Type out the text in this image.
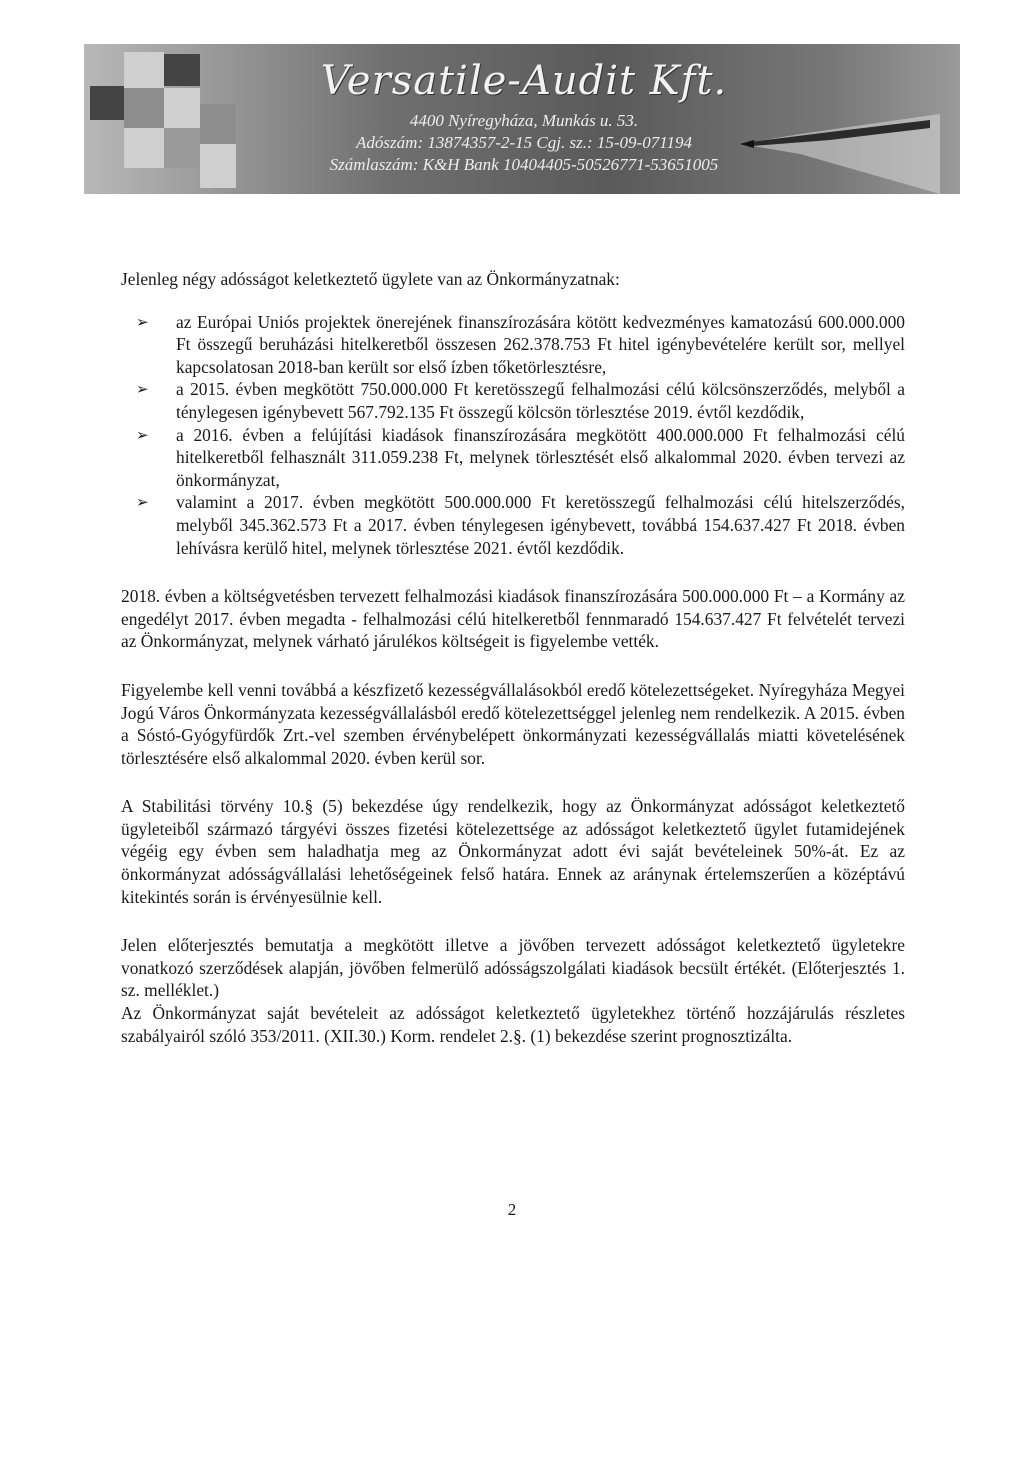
Versatile-Audit Kft.
4400 Nyíregyháza, Munkás u. 53.
Adószám: 13874357-2-15 Cgj. sz.: 15-09-071194
Számlaszám: K&H Bank 10404405-50526771-53651005

Jelenleg négy adósságot keletkeztető ügylete van az Önkormányzatnak:

➢ az Európai Uniós projektek önerejének finanszírozására kötött kedvezményes kamatozású 600.000.000 Ft összegű beruházási hitelkeretből összesen 262.378.753 Ft hitel igénybevételére került sor, mellyel kapcsolatosan 2018-ban került sor első ízben tőketörlesztésre,
➢ a 2015. évben megkötött 750.000.000 Ft keretösszegű felhalmozási célú kölcsönszerződés, melyből a ténylegesen igénybevett 567.792.135 Ft összegű kölcsön törlesztése 2019. évtől kezdődik,
➢ a 2016. évben a felújítási kiadások finanszírozására megkötött 400.000.000 Ft felhalmozási célú hitelkeretből felhasznált 311.059.238 Ft, melynek törlesztését első alkalommal 2020. évben tervezi az önkormányzat,
➢ valamint a 2017. évben megkötött 500.000.000 Ft keretösszegű felhalmozási célú hitelszerződés, melyből 345.362.573 Ft a 2017. évben ténylegesen igénybevett, továbbá 154.637.427 Ft 2018. évben lehívásra kerülő hitel, melynek törlesztése 2021. évtől kezdődik.

2018. évben a költségvetésben tervezett felhalmozási kiadások finanszírozására 500.000.000 Ft – a Kormány az engedélyt 2017. évben megadta - felhalmozási célú hitelkeretből fennmaradó 154.637.427 Ft felvételét tervezi az Önkormányzat, melynek várható járulékos költségeit is figyelembe vették.

Figyelembe kell venni továbbá a készfizető kezességvállalásokból eredő kötelezettségeket. Nyíregyháza Megyei Jogú Város Önkormányzata kezességvállalásból eredő kötelezettséggel jelenleg nem rendelkezik. A 2015. évben a Sóstó-Gyógyfürdők Zrt.-vel szemben érvénybelépett önkormányzati kezességvállalás miatti követelésének törlesztésére első alkalommal 2020. évben kerül sor.

A Stabilitási törvény 10.§ (5) bekezdése úgy rendelkezik, hogy az Önkormányzat adósságot keletkeztető ügyleteiből származó tárgyévi összes fizetési kötelezettsége az adósságot keletkeztető ügylet futamidejének végéig egy évben sem haladhatja meg az Önkormányzat adott évi saját bevételeinek 50%-át. Ez az önkormányzat adósságvállalási lehetőségeinek felső határa. Ennek az aránynak értelemszerűen a középtávú kitekintés során is érvényesülnie kell.

Jelen előterjesztés bemutatja a megkötött illetve a jövőben tervezett adósságot keletkeztető ügyletekre vonatkozó szerződések alapján, jövőben felmerülő adósságszolgálati kiadások becsült értékét. (Előterjesztés 1. sz. melléklet.)

Az Önkormányzat saját bevételeit az adósságot keletkeztető ügyletekhez történő hozzájárulás részletes szabályairól szóló 353/2011. (XII.30.) Korm. rendelet 2.§. (1) bekezdése szerint prognosztizálta.

2
